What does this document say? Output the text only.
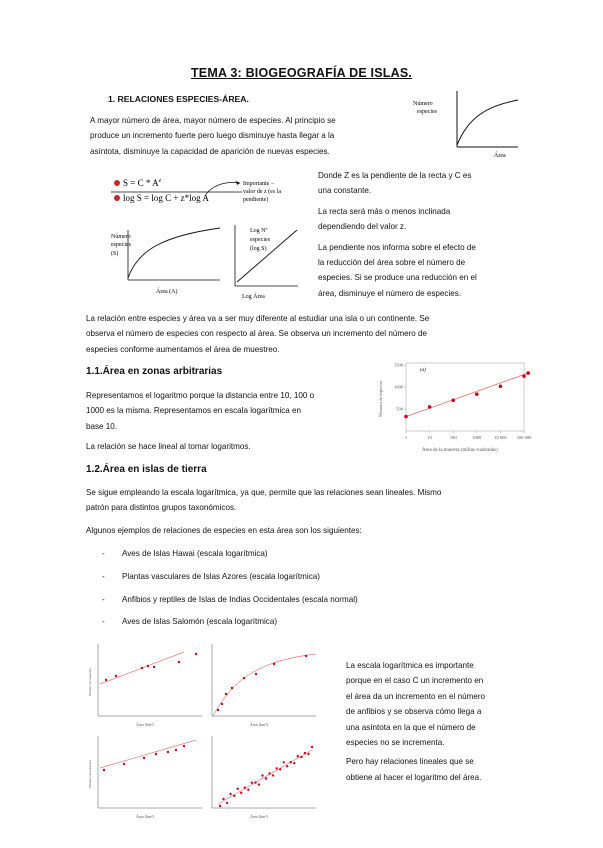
TEMA 3: BIOGEOGRAFÍA DE ISLAS.
1. RELACIONES ESPECIES-ÁREA.
A mayor número de área, mayor número de especies. Al principio se
produce un incremento fuerte pero luego disminuye hasta llegar a la
asíntota, disminuye la capacidad de aparición de nuevas especies.
Número
especies
Área
$S = C * A^z$
log S = log C + z*log A
Importante –
valor de z (es la
pendiente)
Número
especies
(S)
Área (A)
Log Nº
especies
(log S)
Log Área
Donde Z es la pendiente de la recta y C es
una constante.
La recta será más o menos inclinada
dependiendo del valor z.
La pendiente nos informa sobre el efecto de
la reducción del área sobre el número de
especies. Si se produce una reducción en el
área, disminuye el número de especies.
La relación entre especies y área va a ser muy diferente al estudiar una isla o un continente. Se
observa el número de especies con respecto al área. Se observa un incremento del número de
especies conforme aumentamos el área de muestreo.
1.1.Área en zonas arbitrarias
Representamos el logaritmo porque la distancia entre 10, 100 o
1000 es la misma. Representamos en escala logarítmica en
base 10.
La relación se hace lineal al tomar logaritmos.
(a)
Número de especies
Área de la muestra (millas cuadradas)
500
1000
1500
1	10	100	1000	10 000 100 000
1.2.Área en islas de tierra
Se sigue empleando la escala logarítmica, ya que, permite que las relaciones sean lineales. Mismo
patrón para distintos grupos taxonómicos.
Algunos ejemplos de relaciones de especies en esta área son los siguientes:
- Aves de Islas Hawai (escala logarítmica)
- Plantas vasculares de Islas Azores (escala logarítmica)
- Anfibios y reptiles de Islas de Indias Occidentales (escala normal)
- Aves de Islas Salomón (escala logarítmica)
Número de especies
Área (km²)	Área (km²)
Número de especies
Área (km²)	Área (km²)
La escala logarítmica es importante
porque en el caso C un incremento en
el área da un incremento en el número
de anfibios y se observa cómo llega a
una asíntota en la que el número de
especies no se incrementa.
Pero hay relaciones lineales que se
obtiene al hacer el logaritmo del área.
